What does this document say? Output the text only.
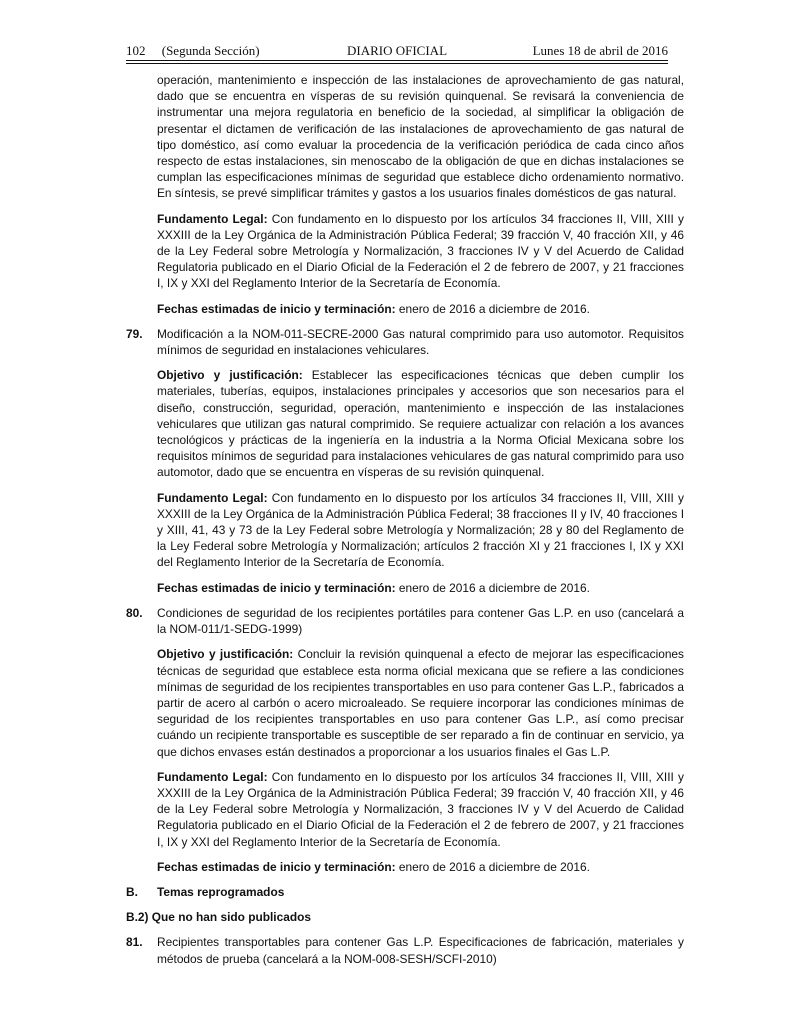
102     (Segunda Sección)	DIARIO OFICIAL	Lunes 18 de abril de 2016

operación, mantenimiento e inspección de las instalaciones de aprovechamiento de gas natural, dado que se encuentra en vísperas de su revisión quinquenal. Se revisará la conveniencia de instrumentar una mejora regulatoria en beneficio de la sociedad, al simplificar la obligación de presentar el dictamen de verificación de las instalaciones de aprovechamiento de gas natural de tipo doméstico, así como evaluar la procedencia de la verificación periódica de cada cinco años respecto de estas instalaciones, sin menoscabo de la obligación de que en dichas instalaciones se cumplan las especificaciones mínimas de seguridad que establece dicho ordenamiento normativo. En síntesis, se prevé simplificar trámites y gastos a los usuarios finales domésticos de gas natural.

Fundamento Legal: Con fundamento en lo dispuesto por los artículos 34 fracciones II, VIII, XIII y XXXIII de la Ley Orgánica de la Administración Pública Federal; 39 fracción V, 40 fracción XII, y 46 de la Ley Federal sobre Metrología y Normalización, 3 fracciones IV y V del Acuerdo de Calidad Regulatoria publicado en el Diario Oficial de la Federación el 2 de febrero de 2007, y 21 fracciones I, IX y XXI del Reglamento Interior de la Secretaría de Economía.

Fechas estimadas de inicio y terminación: enero de 2016 a diciembre de 2016.

79.	Modificación a la NOM-011-SECRE-2000 Gas natural comprimido para uso automotor. Requisitos mínimos de seguridad en instalaciones vehiculares.

Objetivo y justificación: Establecer las especificaciones técnicas que deben cumplir los materiales, tuberías, equipos, instalaciones principales y accesorios que son necesarios para el diseño, construcción, seguridad, operación, mantenimiento e inspección de las instalaciones vehiculares que utilizan gas natural comprimido. Se requiere actualizar con relación a los avances tecnológicos y prácticas de la ingeniería en la industria a la Norma Oficial Mexicana sobre los requisitos mínimos de seguridad para instalaciones vehiculares de gas natural comprimido para uso automotor, dado que se encuentra en vísperas de su revisión quinquenal.

Fundamento Legal: Con fundamento en lo dispuesto por los artículos 34 fracciones II, VIII, XIII y XXXIII de la Ley Orgánica de la Administración Pública Federal; 38 fracciones II y IV, 40 fracciones I y XIII, 41, 43 y 73 de la Ley Federal sobre Metrología y Normalización; 28 y 80 del Reglamento de la Ley Federal sobre Metrología y Normalización; artículos 2 fracción XI y 21 fracciones I, IX y XXI del Reglamento Interior de la Secretaría de Economía.

Fechas estimadas de inicio y terminación: enero de 2016 a diciembre de 2016.

80.	Condiciones de seguridad de los recipientes portátiles para contener Gas L.P. en uso (cancelará a la NOM-011/1-SEDG-1999)

Objetivo y justificación: Concluir la revisión quinquenal a efecto de mejorar las especificaciones técnicas de seguridad que establece esta norma oficial mexicana que se refiere a las condiciones mínimas de seguridad de los recipientes transportables en uso para contener Gas L.P., fabricados a partir de acero al carbón o acero microaleado. Se requiere incorporar las condiciones mínimas de seguridad de los recipientes transportables en uso para contener Gas L.P., así como precisar cuándo un recipiente transportable es susceptible de ser reparado a fin de continuar en servicio, ya que dichos envases están destinados a proporcionar a los usuarios finales el Gas L.P.

Fundamento Legal: Con fundamento en lo dispuesto por los artículos 34 fracciones II, VIII, XIII y XXXIII de la Ley Orgánica de la Administración Pública Federal; 39 fracción V, 40 fracción XII, y 46 de la Ley Federal sobre Metrología y Normalización, 3 fracciones IV y V del Acuerdo de Calidad Regulatoria publicado en el Diario Oficial de la Federación el 2 de febrero de 2007, y 21 fracciones I, IX y XXI del Reglamento Interior de la Secretaría de Economía.

Fechas estimadas de inicio y terminación: enero de 2016 a diciembre de 2016.

B.	Temas reprogramados

B.2) Que no han sido publicados

81.	Recipientes transportables para contener Gas L.P. Especificaciones de fabricación, materiales y métodos de prueba (cancelará a la NOM-008-SESH/SCFI-2010)
